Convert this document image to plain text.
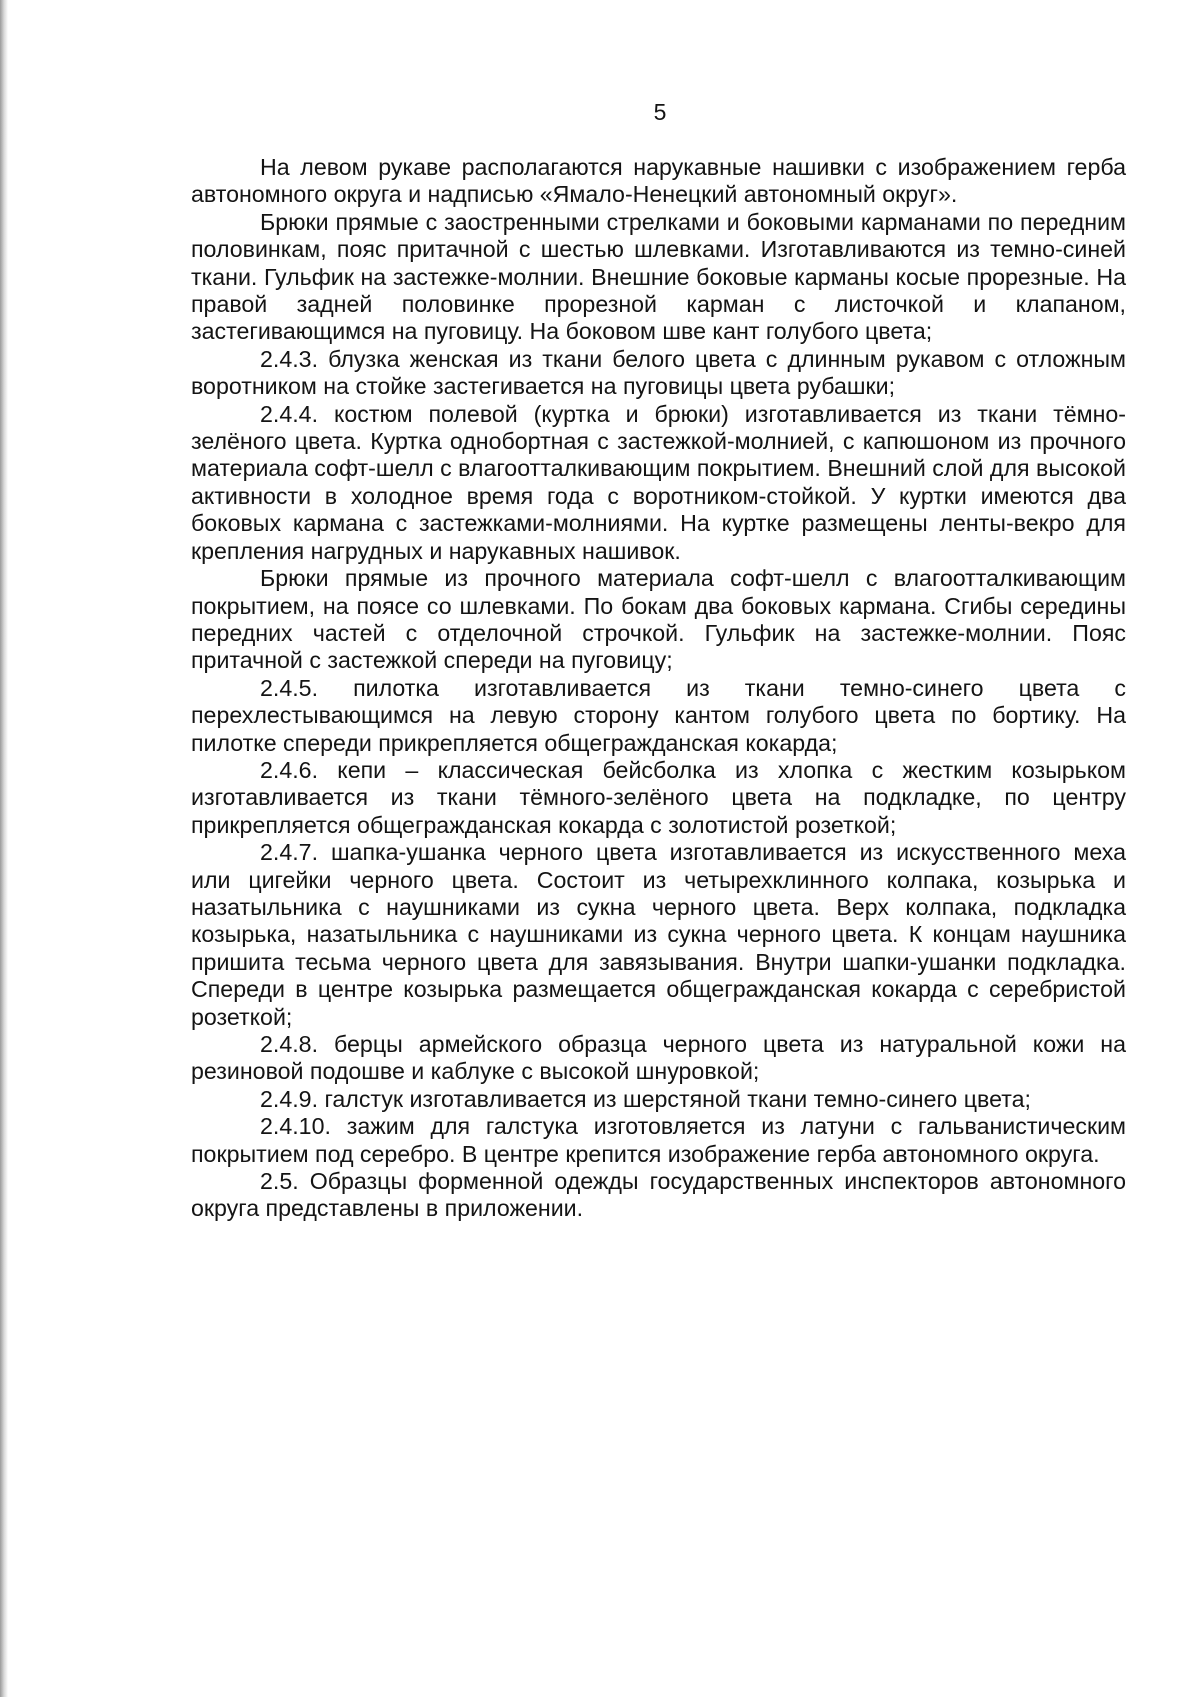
5

На левом рукаве располагаются нарукавные нашивки с изображением герба автономного округа и надписью «Ямало-Ненецкий автономный округ».

Брюки прямые с заостренными стрелками и боковыми карманами по передним половинкам, пояс притачной с шестью шлевками. Изготавливаются из темно-синей ткани. Гульфик на застежке-молнии. Внешние боковые карманы косые прорезные. На правой задней половинке прорезной карман с листочкой и клапаном, застегивающимся на пуговицу. На боковом шве кант голубого цвета;

2.4.3. блузка женская из ткани белого цвета с длинным рукавом с отложным воротником на стойке застегивается на пуговицы цвета рубашки;

2.4.4. костюм полевой (куртка и брюки) изготавливается из ткани тёмно-зелёного цвета. Куртка однобортная с застежкой-молнией, с капюшоном из прочного материала софт-шелл с влагоотталкивающим покрытием. Внешний слой для высокой активности в холодное время года с воротником-стойкой. У куртки имеются два боковых кармана с застежками-молниями. На куртке размещены ленты-векро для крепления нагрудных и нарукавных нашивок.

Брюки прямые из прочного материала софт-шелл с влагоотталкивающим покрытием, на поясе со шлевками. По бокам два боковых кармана. Сгибы середины передних частей с отделочной строчкой. Гульфик на застежке-молнии. Пояс притачной с застежкой спереди на пуговицу;

2.4.5. пилотка изготавливается из ткани темно-синего цвета с перехлестывающимся на левую сторону кантом голубого цвета по бортику. На пилотке спереди прикрепляется общегражданская кокарда;

2.4.6. кепи – классическая бейсболка из хлопка с жестким козырьком изготавливается из ткани тёмного-зелёного цвета на подкладке, по центру прикрепляется общегражданская кокарда с золотистой розеткой;

2.4.7. шапка-ушанка черного цвета изготавливается из искусственного меха или цигейки черного цвета. Состоит из четырехклинного колпака, козырька и назатыльника с наушниками из сукна черного цвета. Верх колпака, подкладка козырька, назатыльника с наушниками из сукна черного цвета. К концам наушника пришита тесьма черного цвета для завязывания. Внутри шапки-ушанки подкладка. Спереди в центре козырька размещается общегражданская кокарда с серебристой розеткой;

2.4.8. берцы армейского образца черного цвета из натуральной кожи на резиновой подошве и каблуке с высокой шнуровкой;

2.4.9. галстук изготавливается из шерстяной ткани темно-синего цвета;

2.4.10. зажим для галстука изготовляется из латуни с гальванистическим покрытием под серебро. В центре крепится изображение герба автономного округа.

2.5. Образцы форменной одежды государственных инспекторов автономного округа представлены в приложении.
